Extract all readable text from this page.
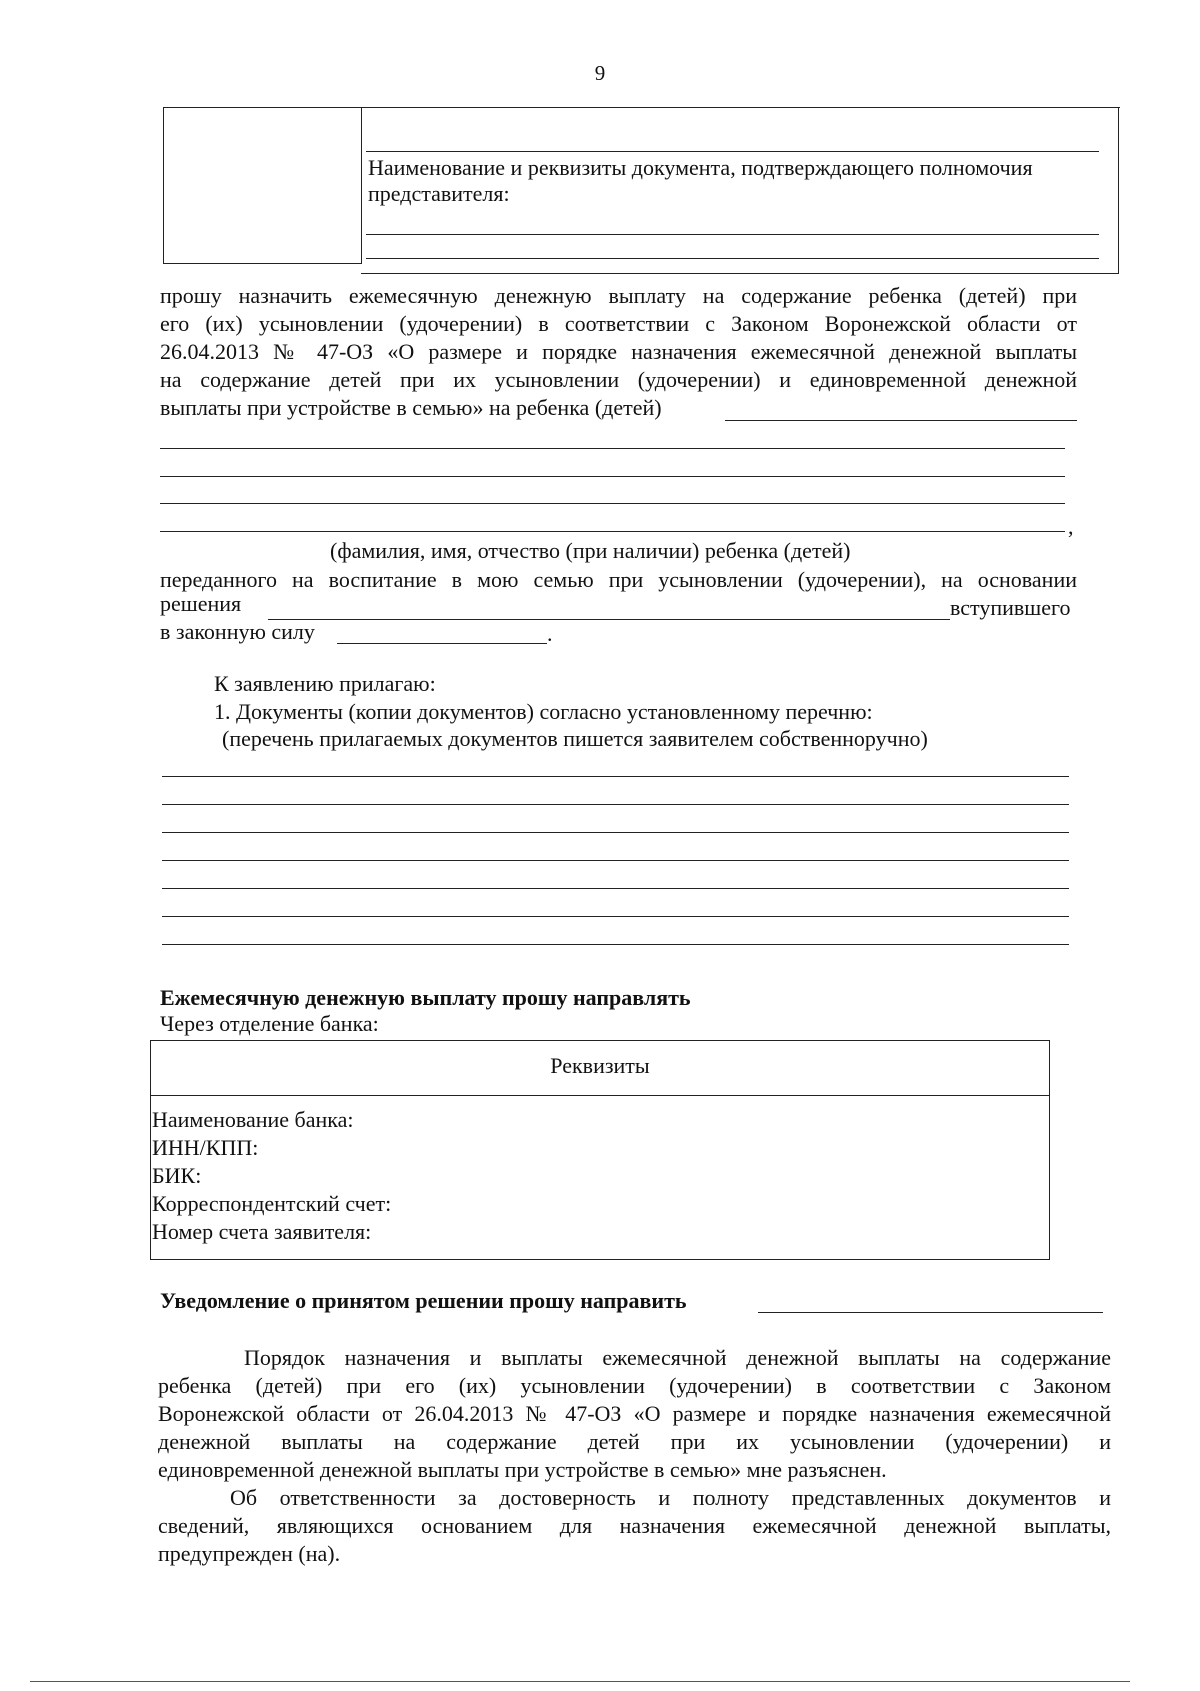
9
Наименование и реквизиты документа, подтверждающего полномочия
представителя:
прошу назначить ежемесячную денежную выплату на содержание ребенка (детей) при
его (их) усыновлении (удочерении) в соответствии с Законом Воронежской области от
26.04.2013 № 47-ОЗ «О размере и порядке назначения ежемесячной денежной выплаты
на содержание детей при их усыновлении (удочерении) и единовременной денежной
выплаты при устройстве в семью» на ребенка (детей)
,
(фамилия, имя, отчество (при наличии) ребенка (детей)
переданного на воспитание в мою семью при усыновлении (удочерении), на основании
решения	вступившего
в законную силу	.
К заявлению прилагаю:
1. Документы (копии документов) согласно установленному перечню:
(перечень прилагаемых документов пишется заявителем собственноручно)
Ежемесячную денежную выплату прошу направлять
Через отделение банка:
Реквизиты
Наименование банка:
ИНН/КПП:
БИК:
Корреспондентский счет:
Номер счета заявителя:
Уведомление о принятом решении прошу направить
Порядок назначения и выплаты ежемесячной денежной выплаты на содержание
ребенка (детей) при его (их) усыновлении (удочерении) в соответствии с Законом
Воронежской области от 26.04.2013 № 47-ОЗ «О размере и порядке назначения ежемесячной
денежной выплаты на содержание детей при их усыновлении (удочерении) и
единовременной денежной выплаты при устройстве в семью» мне разъяснен.
Об ответственности за достоверность и полноту представленных документов и
сведений, являющихся основанием для назначения ежемесячной денежной выплаты,
предупрежден (на).
